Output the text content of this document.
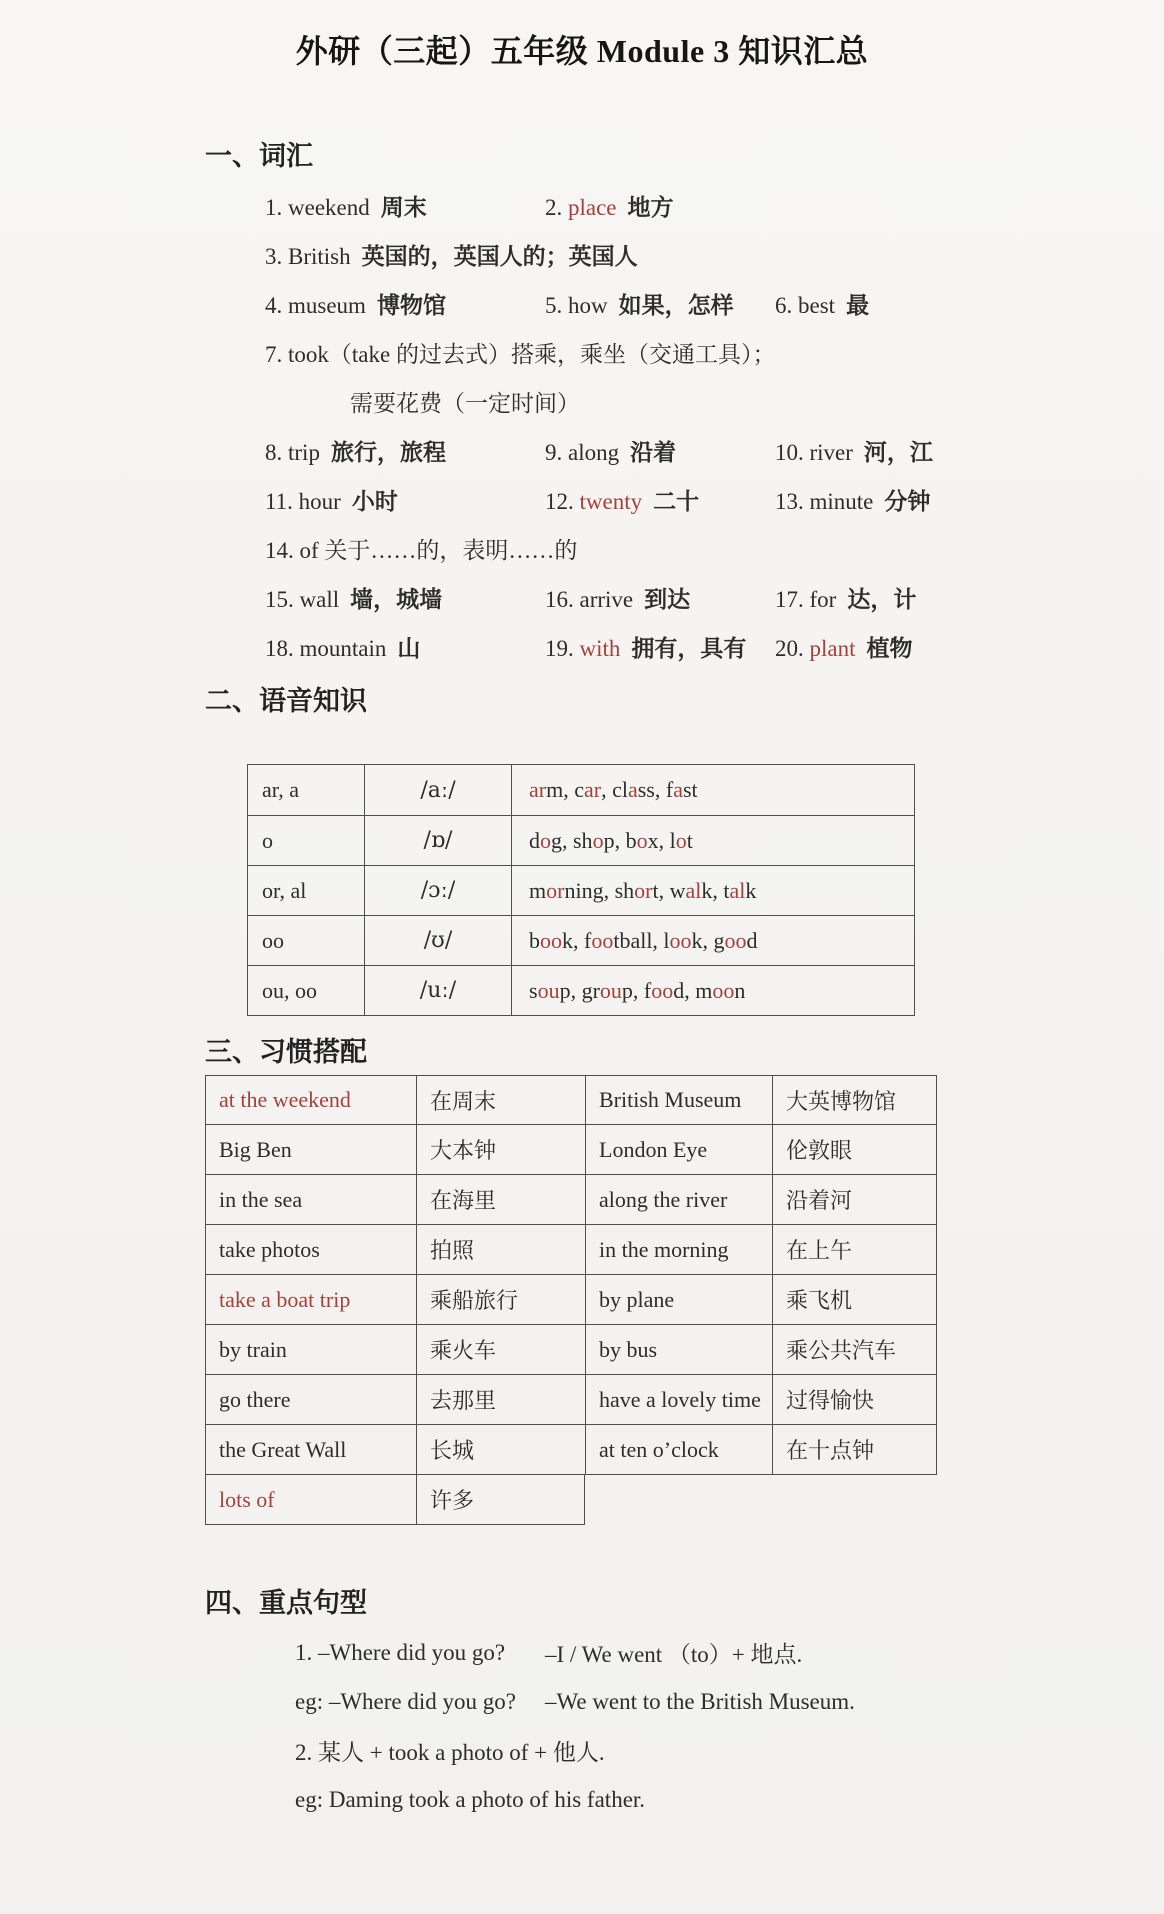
外研（三起）五年级 Module 3 知识汇总
一、词汇
1. weekend 周末	2. place 地方
3. British 英国的，英国人的；英国人
4. museum 博物馆	5. how 如果，怎样	6. best 最
7. took（take 的过去式）搭乘，乘坐（交通工具）；
需要花费（一定时间）
8. trip 旅行，旅程	9. along 沿着	10. river 河，江
11. hour 小时	12. twenty 二十	13. minute 分钟
14. of 关于……的，表明……的
15. wall 墙，城墙	16. arrive 到达	17. for 达，计
18. mountain 山	19. with 拥有，具有	20. plant 植物
二、语音知识
ar, a	/aː/	ar m, c ar , cl a ss, f a st
o	/ɒ/	d o g, sh o p, b o x, l o t
or, al	/ɔː/	m or ning, sh or t, w al k, t al k
oo	/ʊ/	b oo k, f oo tball, l oo k, g oo d
ou, oo	/uː/	s ou p, gr ou p, f oo d, m oo n
三、习惯搭配
at the weekend	在周末	British Museum	大英博物馆
Big Ben	大本钟	London Eye	伦敦眼
in the sea	在海里	along the river	沿着河
take photos	拍照	in the morning	在上午
take a boat trip	乘船旅行	by plane	乘飞机
by train	乘火车	by bus	乘公共汽车
go there	去那里	have a lovely time	过得愉快
the Great Wall	长城	at ten o’clock	在十点钟
lots of	许多
四、重点句型
1. –Where did you go?	–I / We went （to）+ 地点.
eg: –Where did you go?	–We went to the British Museum.
2. 某人 + took a photo of + 他人.
eg: Daming took a photo of his father.
